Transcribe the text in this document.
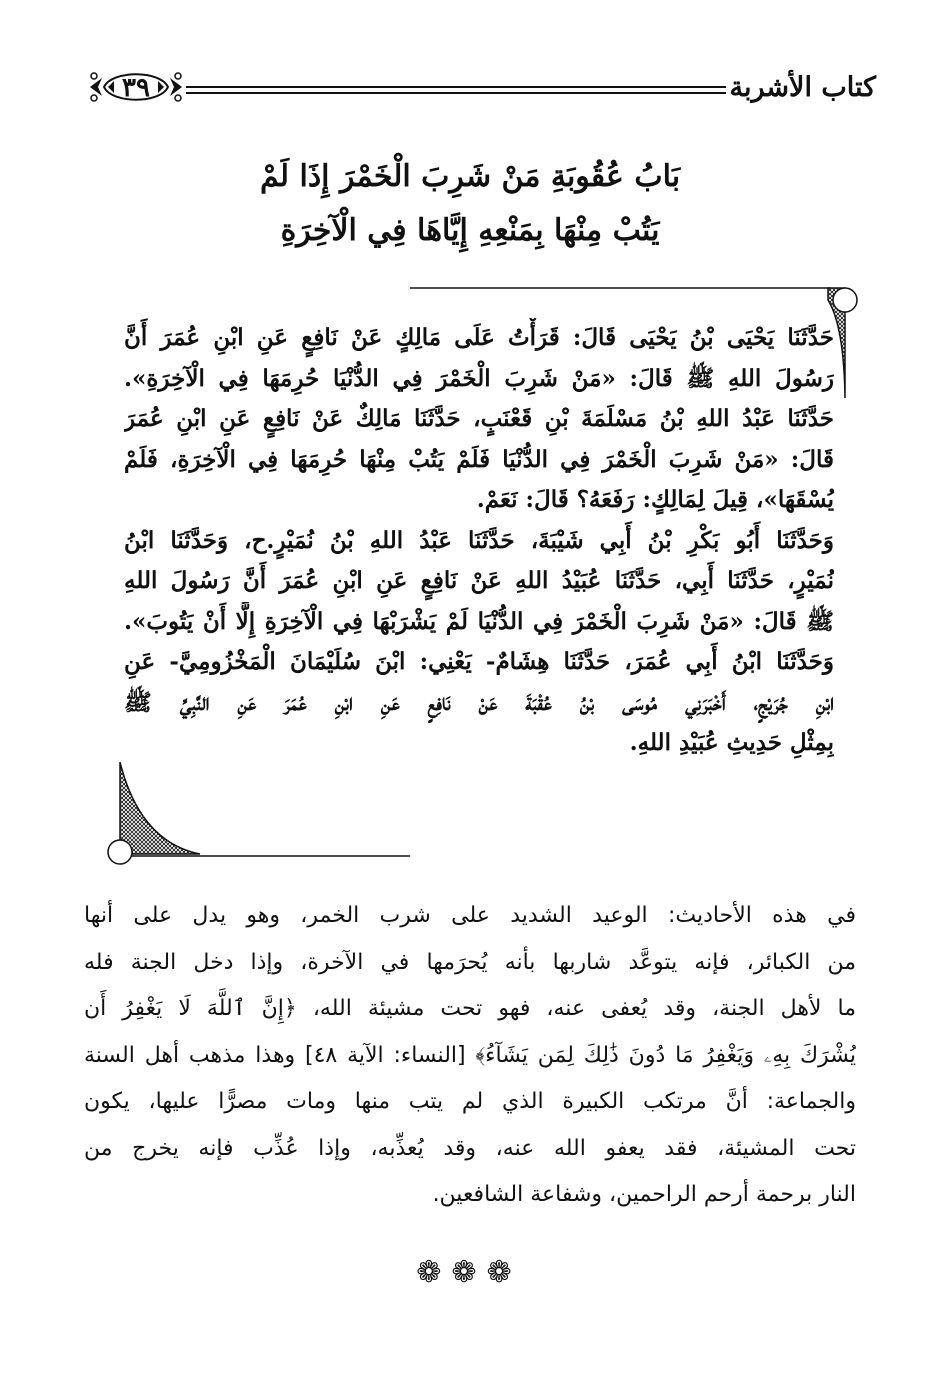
كتاب الأشربة
٣٩
بَابُ عُقُوبَةِ مَنْ شَرِبَ الْخَمْرَ إِذَا لَمْ
يَتُبْ مِنْهَا بِمَنْعِهِ إِيَّاهَا فِي الْآخِرَةِ
حَدَّثَنَا يَحْيَى بْنُ يَحْيَى قَالَ: قَرَأْتُ عَلَى مَالِكٍ عَنْ نَافِعٍ عَنِ ابْنِ عُمَرَ أَنَّ
رَسُولَ اللهِ ﷺ قَالَ: «مَنْ شَرِبَ الْخَمْرَ فِي الدُّنْيَا حُرِمَهَا فِي الْآخِرَةِ».
حَدَّثَنَا عَبْدُ اللهِ بْنُ مَسْلَمَةَ بْنِ قَعْنَبٍ، حَدَّثَنَا مَالِكٌ عَنْ نَافِعٍ عَنِ ابْنِ عُمَرَ
قَالَ: «مَنْ شَرِبَ الْخَمْرَ فِي الدُّنْيَا فَلَمْ يَتُبْ مِنْهَا حُرِمَهَا فِي الْآخِرَةِ، فَلَمْ
يُسْقَهَا»، قِيلَ لِمَالِكٍ: رَفَعَهُ؟ قَالَ: نَعَمْ.
وَحَدَّثَنَا أَبُو بَكْرِ بْنُ أَبِي شَيْبَةَ، حَدَّثَنَا عَبْدُ اللهِ بْنُ نُمَيْرٍ.ح، وَحَدَّثَنَا ابْنُ
نُمَيْرٍ، حَدَّثَنَا أَبِي، حَدَّثَنَا عُبَيْدُ اللهِ عَنْ نَافِعٍ عَنِ ابْنِ عُمَرَ أَنَّ رَسُولَ اللهِ
ﷺ قَالَ: «مَنْ شَرِبَ الْخَمْرَ فِي الدُّنْيَا لَمْ يَشْرَبْهَا فِي الْآخِرَةِ إِلَّا أَنْ يَتُوبَ».
وَحَدَّثَنَا ابْنُ أَبِي عُمَرَ، حَدَّثَنَا هِشَامٌ- يَعْنِي: ابْنَ سُلَيْمَانَ الْمَخْزُومِيَّ- عَنِ
ابْنِ جُرَيْجٍ، أَخْبَرَنِي مُوسَى بْنُ عُقْبَةَ عَنْ نَافِعٍ عَنِ ابْنِ عُمَرَ عَنِ النَّبِيِّ ﷺ
بِمِثْلِ حَدِيثِ عُبَيْدِ اللهِ.
في هذه الأحاديث: الوعيد الشديد على شرب الخمر، وهو يدل على أنها
من الكبائر، فإنه يتوعَّد شاربها بأنه يُحرَمها في الآخرة، وإذا دخل الجنة فله
ما لأهل الجنة، وقد يُعفى عنه، فهو تحت مشيئة الله، ﴿إِنَّ ٱللَّهَ لَا يَغْفِرُ أَن
يُشْرَكَ بِهِۦ وَيَغْفِرُ مَا دُونَ ذَٰلِكَ لِمَن يَشَآءُ﴾ [النساء: الآية ٤٨] وهذا مذهب أهل السنة
والجماعة: أنَّ مرتكب الكبيرة الذي لم يتب منها ومات مصرًّا عليها، يكون
تحت المشيئة، فقد يعفو الله عنه، وقد يُعذِّبه، وإذا عُذِّب فإنه يخرج من
النار برحمة أرحم الراحمين، وشفاعة الشافعين.
❁❁❁
